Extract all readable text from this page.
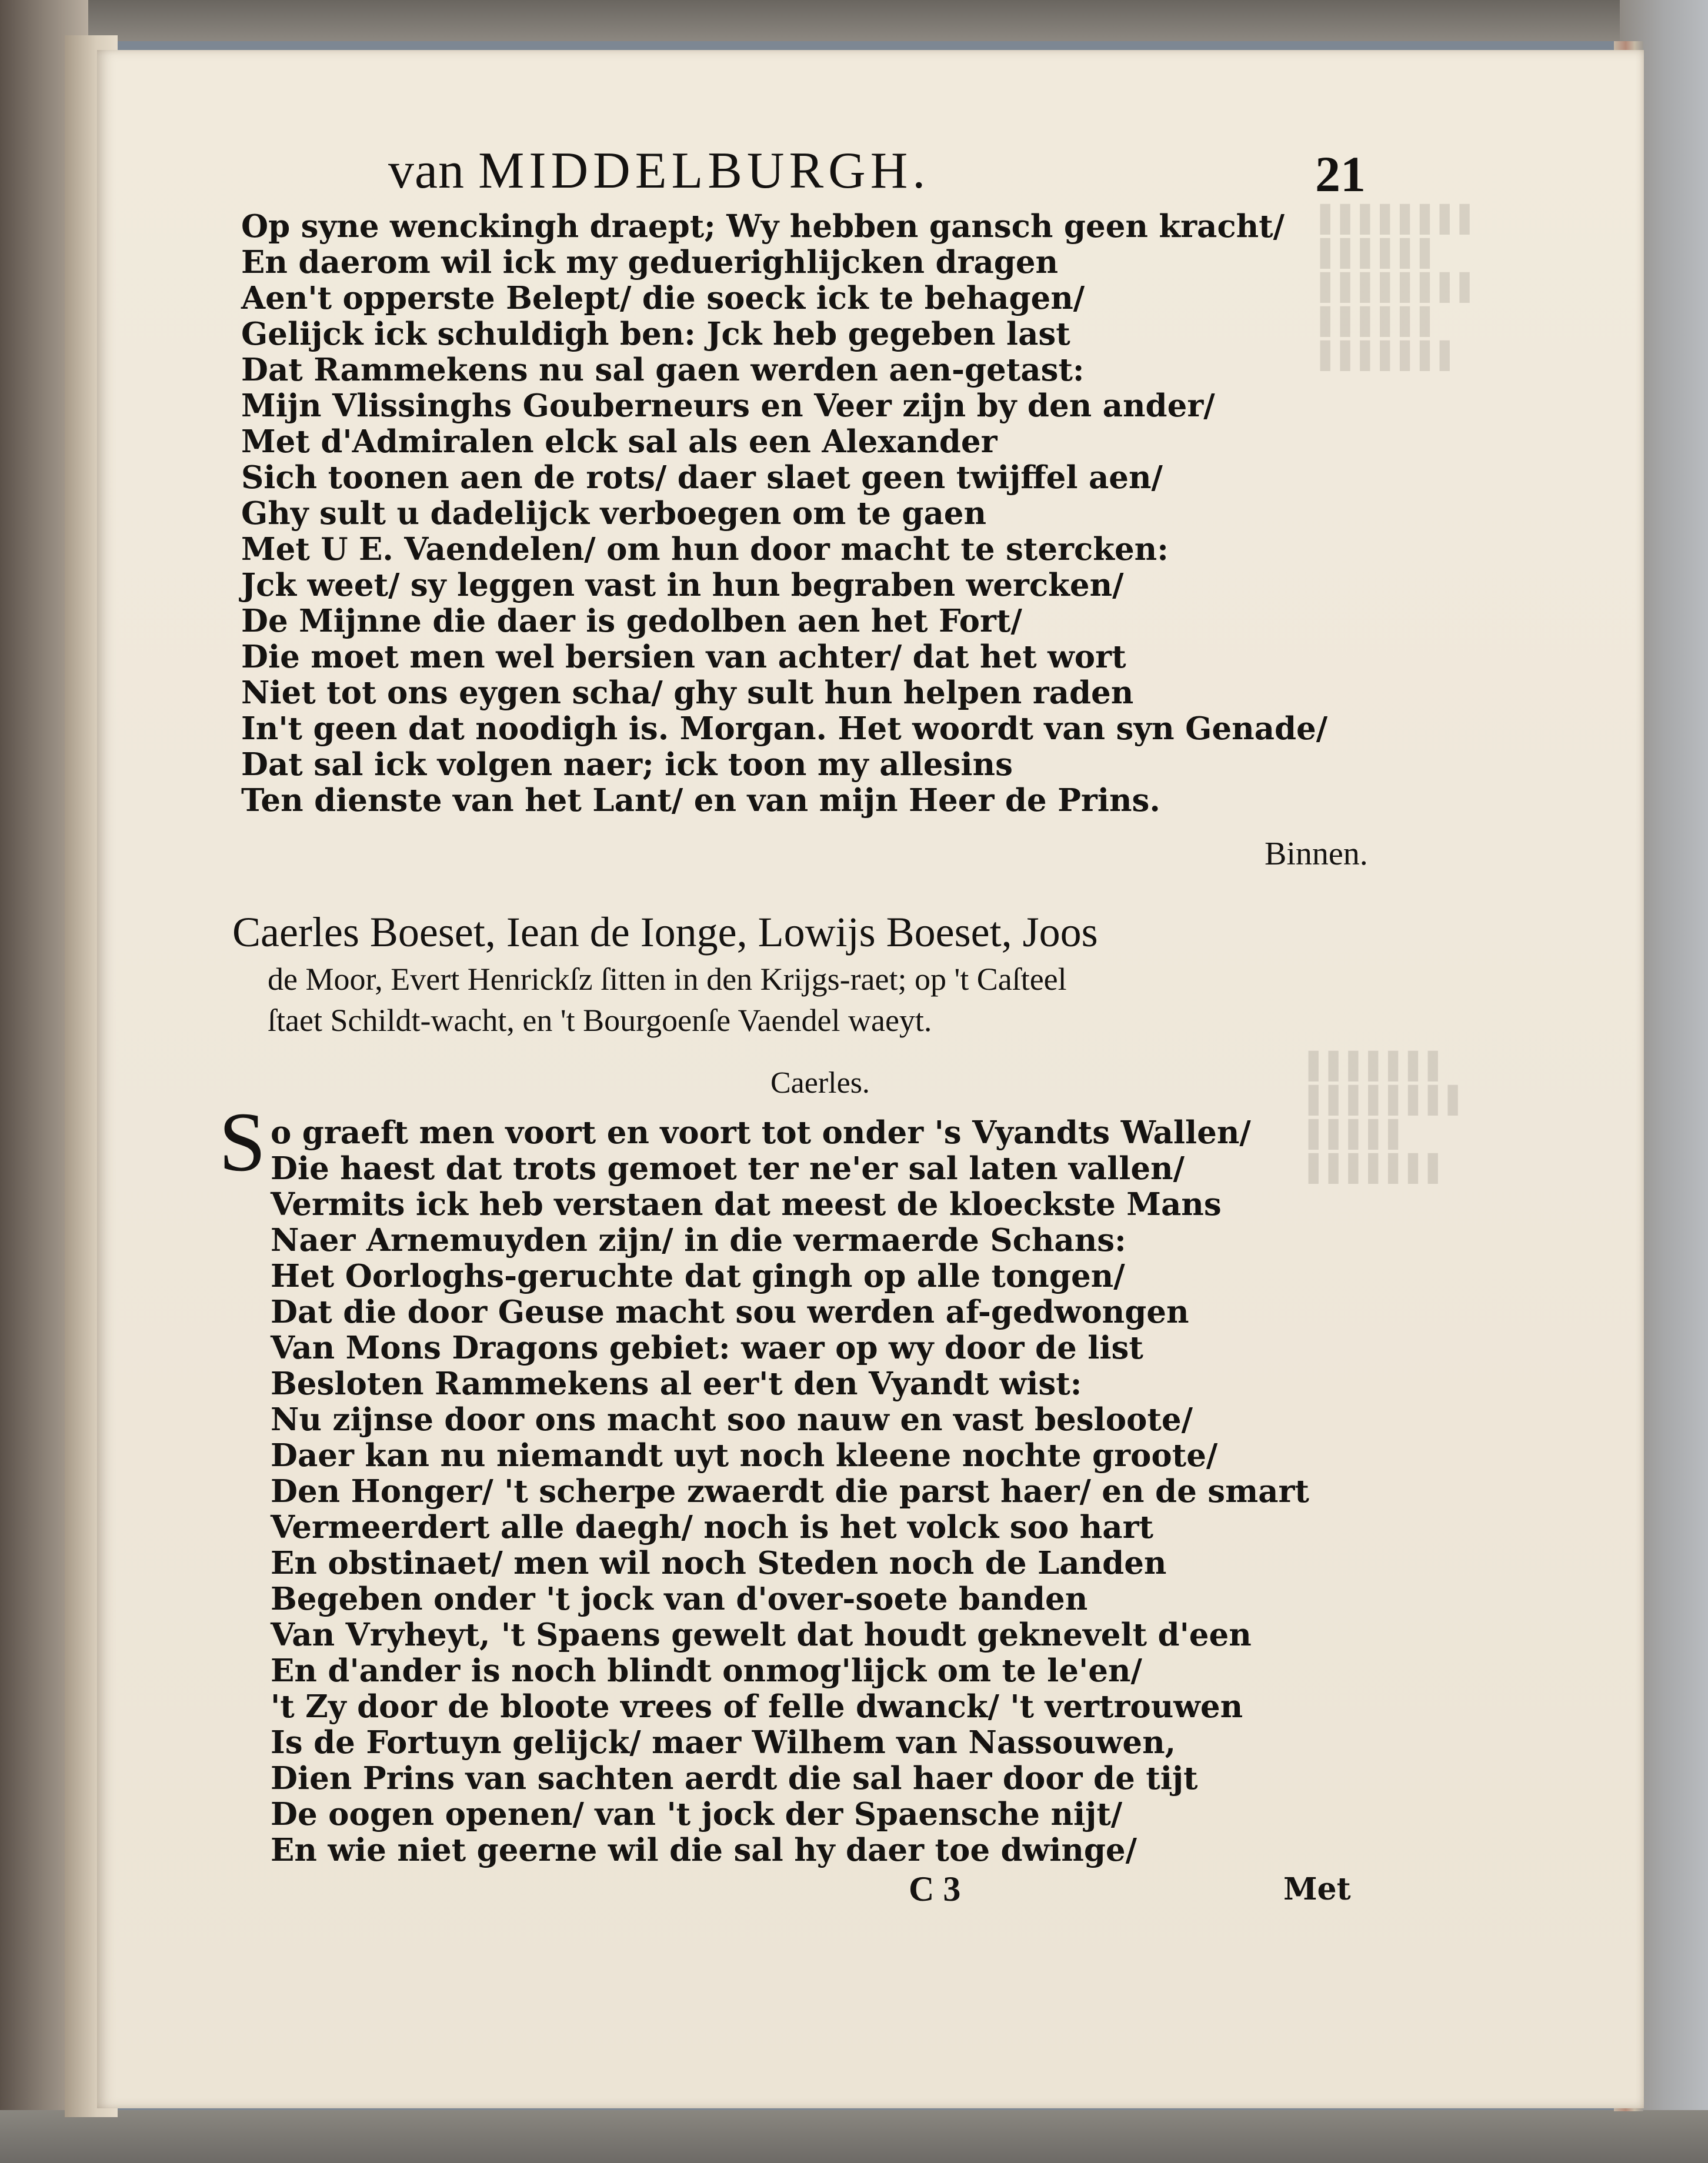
▌▌▌▌▌▌▌▌
▌▌▌▌▌▌
▌▌▌▌▌▌▌▌
▌▌▌▌▌▌
▌▌▌▌▌▌▌
▌▌▌▌▌▌▌
▌▌▌▌▌▌▌▌
▌▌▌▌▌
▌▌▌▌▌▌▌
van MIDDELBURGH.	21
Op syne wenckingh draept; Wy hebben gansch geen kracht/
En daerom wil ick my geduerighlijcken dragen
Aen't opperste Belept/ die soeck ick te behagen/
Gelijck ick schuldigh ben: Jck heb gegeben last
Dat Rammekens nu sal gaen werden aen-getast:
Mijn Vlissinghs Gouberneurs en Veer zijn by den ander/
Met d'Admiralen elck sal als een Alexander
Sich toonen aen de rots/ daer slaet geen twijffel aen/
Ghy sult u dadelijck verboegen om te gaen
Met U E. Vaendelen/ om hun door macht te stercken:
Jck weet/ sy leggen vast in hun begraben wercken/
De Mijnne die daer is gedolben aen het Fort/
Die moet men wel bersien van achter/ dat het wort
Niet tot ons eygen scha/ ghy sult hun helpen raden
In't geen dat noodigh is. Morgan. Het woordt van syn Genade/
Dat sal ick volgen naer; ick toon my allesins
Ten dienste van het Lant/ en van mijn Heer de Prins.
Binnen.
Caerles Boeset, Iean de Ionge, Lowijs Boeset, Joos
de Moor, Evert Henrickſz ſitten in den Krijgs-raet; op 't Caſteel
ſtaet Schildt-wacht, en 't Bourgoenſe Vaendel waeyt.
Caerles.
S o graeft men voort en voort tot onder 's Vyandts Wallen/
Die haest dat trots gemoet ter ne'er sal laten vallen/
Vermits ick heb verstaen dat meest de kloeckste Mans
Naer Arnemuyden zijn/ in die vermaerde Schans:
Het Oorloghs-geruchte dat gingh op alle tongen/
Dat die door Geuse macht sou werden af-gedwongen
Van Mons Dragons gebiet: waer op wy door de list
Besloten Rammekens al eer't den Vyandt wist:
Nu zijnse door ons macht soo nauw en vast besloote/
Daer kan nu niemandt uyt noch kleene nochte groote/
Den Honger/ 't scherpe zwaerdt die parst haer/ en de smart
Vermeerdert alle daegh/ noch is het volck soo hart
En obstinaet/ men wil noch Steden noch de Landen
Begeben onder 't jock van d'over-soete banden
Van Vryheyt, 't Spaens gewelt dat houdt geknevelt d'een
En d'ander is noch blindt onmog'lijck om te le'en/
't Zy door de bloote vrees of felle dwanck/ 't vertrouwen
Is de Fortuyn gelijck/ maer Wilhem van Nassouwen,
Dien Prins van sachten aerdt die sal haer door de tijt
De oogen openen/ van 't jock der Spaensche nijt/
En wie niet geerne wil die sal hy daer toe dwinge/
C 3	Met
